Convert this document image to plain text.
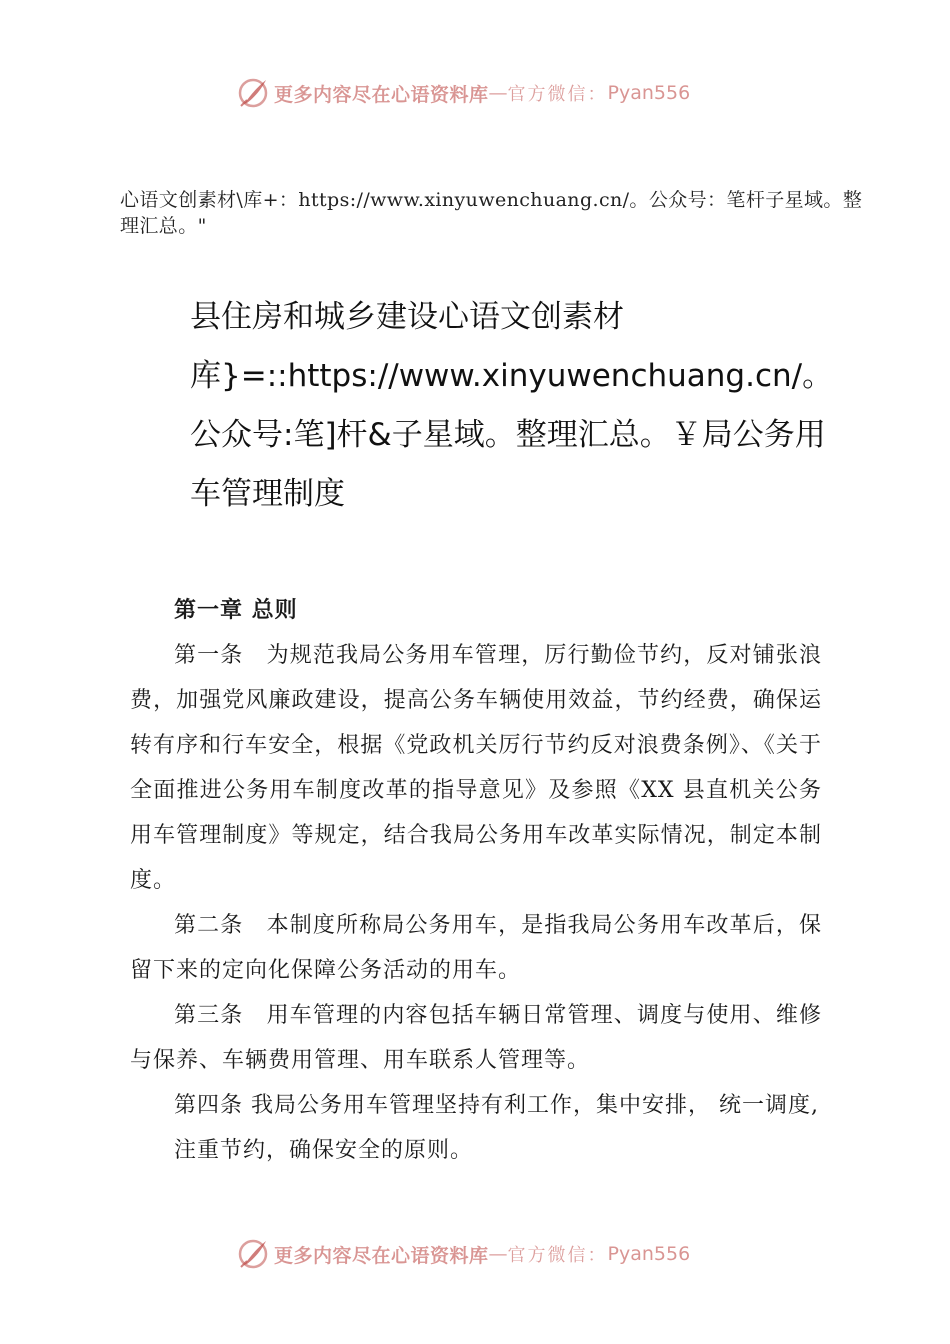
更多内容尽在心语资料库 — 官方微信： Pyan556

心语文创素材\库+：https://www.xinyuwenchuang.cn/。公众号：笔杆子星域。整理汇总。"

县住房和城乡建设心语文创素材库}=::https://www.xinyuwenchuang.cn/。公众号:笔]杆&子星域。整理汇总。￥局公务用车管理制度
第一章 总则

第一条　为规范我局公务用车管理，厉行勤俭节约，反对铺张浪费，加强党风廉政建设，提高公务车辆使用效益，节约经费，确保运转有序和行车安全，根据《党政机关厉行节约反对浪费条例》、《关于全面推进公务用车制度改革的指导意见》及参照《XX 县直机关公务用车管理制度》等规定，结合我局公务用车改革实际情况，制定本制度。

第二条　本制度所称局公务用车，是指我局公务用车改革后，保留下来的定向化保障公务活动的用车。

第三条　用车管理的内容包括车辆日常管理、调度与使用、维修与保养、车辆费用管理、用车联系人管理等。

第四条 我局公务用车管理坚持有利工作，集中安排， 统一调度,

注重节约，确保安全的原则。

更多内容尽在心语资料库 — 官方微信： Pyan556
